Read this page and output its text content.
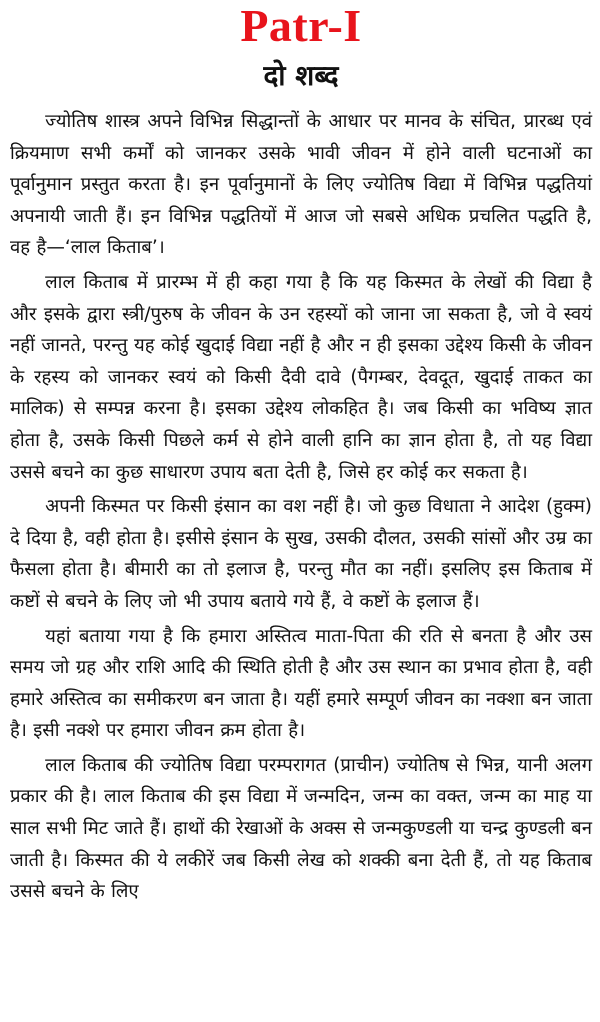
Patr-I
दो शब्द

ज्योतिष शास्त्र अपने विभिन्न सिद्धान्तों के आधार पर मानव के संचित, प्रारब्ध एवं क्रियमाण सभी कर्मों को जानकर उसके भावी जीवन में होने वाली घटनाओं का पूर्वानुमान प्रस्तुत करता है। इन पूर्वानुमानों के लिए ज्योतिष विद्या में विभिन्न पद्धतियां अपनायी जाती हैं। इन विभिन्न पद्धतियों में आज जो सबसे अधिक प्रचलित पद्धति है, वह है—‘लाल किताब’।

लाल किताब में प्रारम्भ में ही कहा गया है कि यह किस्मत के लेखों की विद्या है और इसके द्वारा स्त्री/पुरुष के जीवन के उन रहस्यों को जाना जा सकता है, जो वे स्वयं नहीं जानते, परन्तु यह कोई खुदाई विद्या नहीं है और न ही इसका उद्देश्य किसी के जीवन के रहस्य को जानकर स्वयं को किसी दैवी दावे (पैगम्बर, देवदूत, खुदाई ताकत का मालिक) से सम्पन्न करना है। इसका उद्देश्य लोकहित है। जब किसी का भविष्य ज्ञात होता है, उसके किसी पिछले कर्म से होने वाली हानि का ज्ञान होता है, तो यह विद्या उससे बचने का कुछ साधारण उपाय बता देती है, जिसे हर कोई कर सकता है।

अपनी किस्मत पर किसी इंसान का वश नहीं है। जो कुछ विधाता ने आदेश (हुक्म) दे दिया है, वही होता है। इसीसे इंसान के सुख, उसकी दौलत, उसकी सांसों और उम्र का फैसला होता है। बीमारी का तो इलाज है, परन्तु मौत का नहीं। इसलिए इस किताब में कष्टों से बचने के लिए जो भी उपाय बताये गये हैं, वे कष्टों के इलाज हैं।

यहां बताया गया है कि हमारा अस्तित्व माता-पिता की रति से बनता है और उस समय जो ग्रह और राशि आदि की स्थिति होती है और उस स्थान का प्रभाव होता है, वही हमारे अस्तित्व का समीकरण बन जाता है। यहीं हमारे सम्पूर्ण जीवन का नक्शा बन जाता है। इसी नक्शे पर हमारा जीवन क्रम होता है।

लाल किताब की ज्योतिष विद्या परम्परागत (प्राचीन) ज्योतिष से भिन्न, यानी अलग प्रकार की है। लाल किताब की इस विद्या में जन्मदिन, जन्म का वक्त, जन्म का माह या साल सभी मिट जाते हैं। हाथों की रेखाओं के अक्स से जन्मकुण्डली या चन्द्र कुण्डली बन जाती है। किस्मत की ये लकीरें जब किसी लेख को शक्की बना देती हैं, तो यह किताब उससे बचने के लिए
